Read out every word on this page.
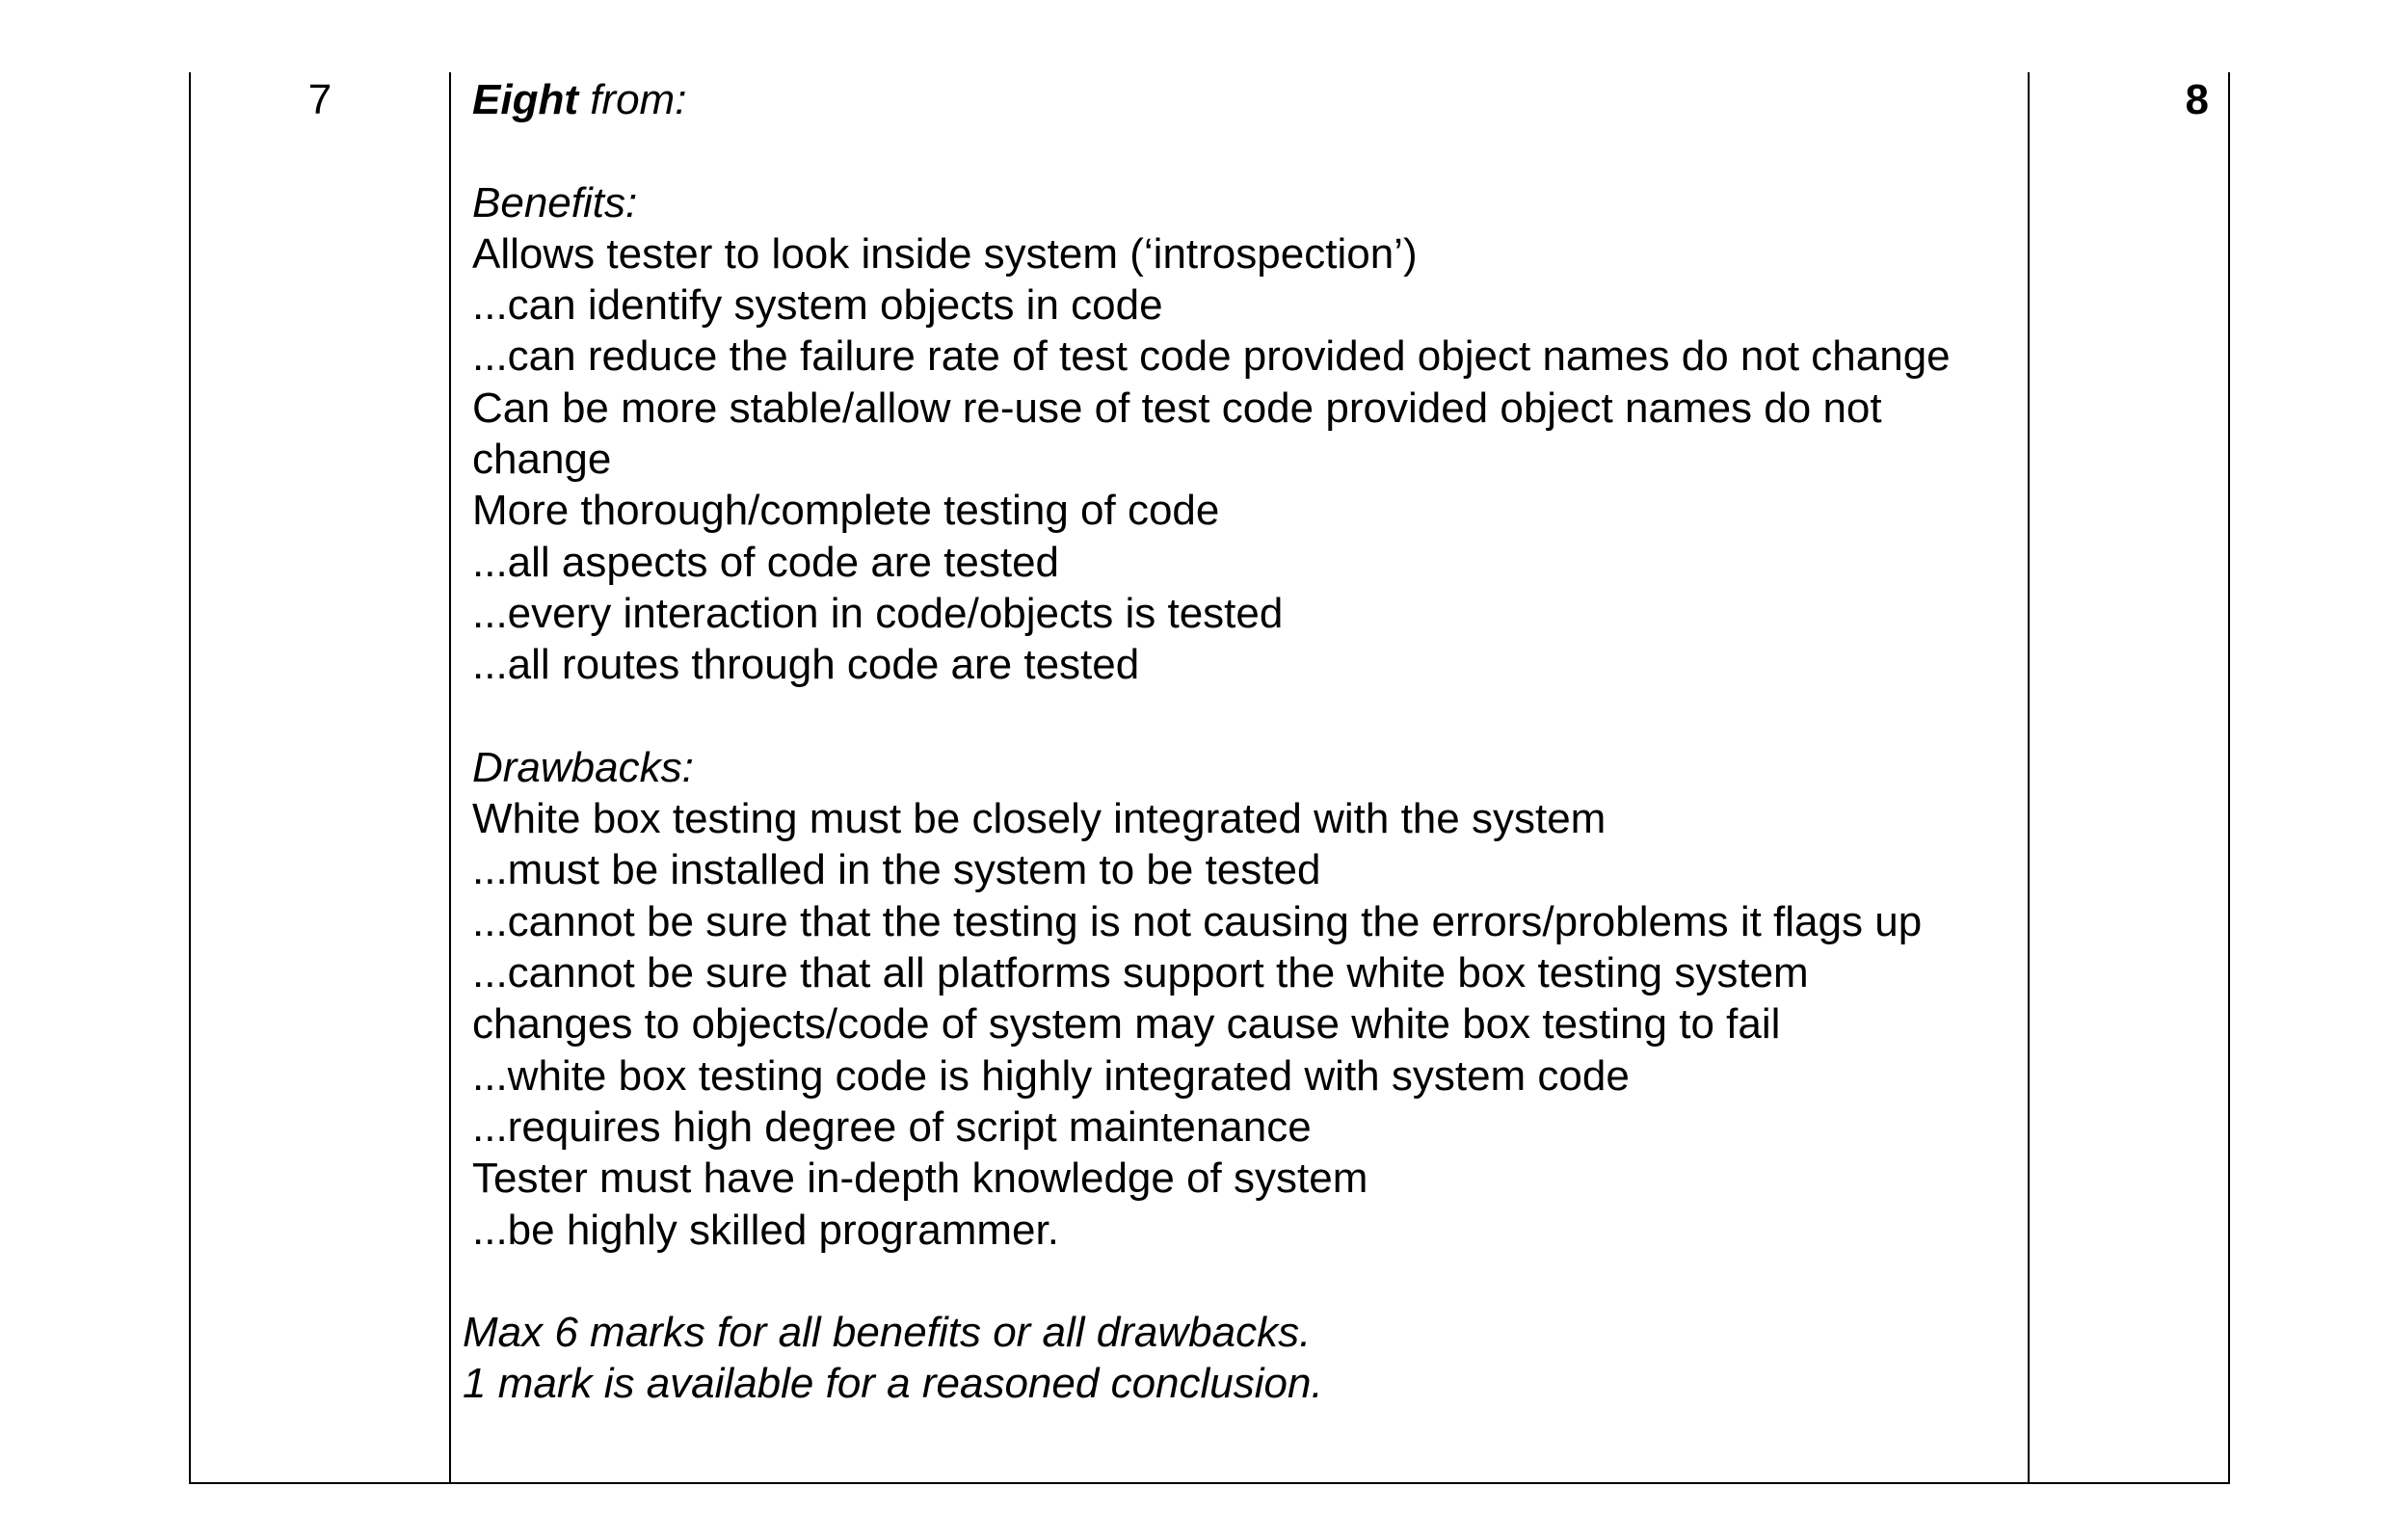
7	Eight from:
Benefits:
Allows tester to look inside system (‘introspection’)
...can identify system objects in code
...can reduce the failure rate of test code provided object names do not change
Can be more stable/allow re-use of test code provided object names do not change
More thorough/complete testing of code
...all aspects of code are tested
...every interaction in code/objects is tested
...all routes through code are tested
Drawbacks:
White box testing must be closely integrated with the system
...must be installed in the system to be tested
...cannot be sure that the testing is not causing the errors/problems it flags up
...cannot be sure that all platforms support the white box testing system
changes to objects/code of system may cause white box testing to fail
...white box testing code is highly integrated with system code
...requires high degree of script maintenance
Tester must have in-depth knowledge of system
...be highly skilled programmer.
Max 6 marks for all benefits or all drawbacks.
1 mark is available for a reasoned conclusion.
8
